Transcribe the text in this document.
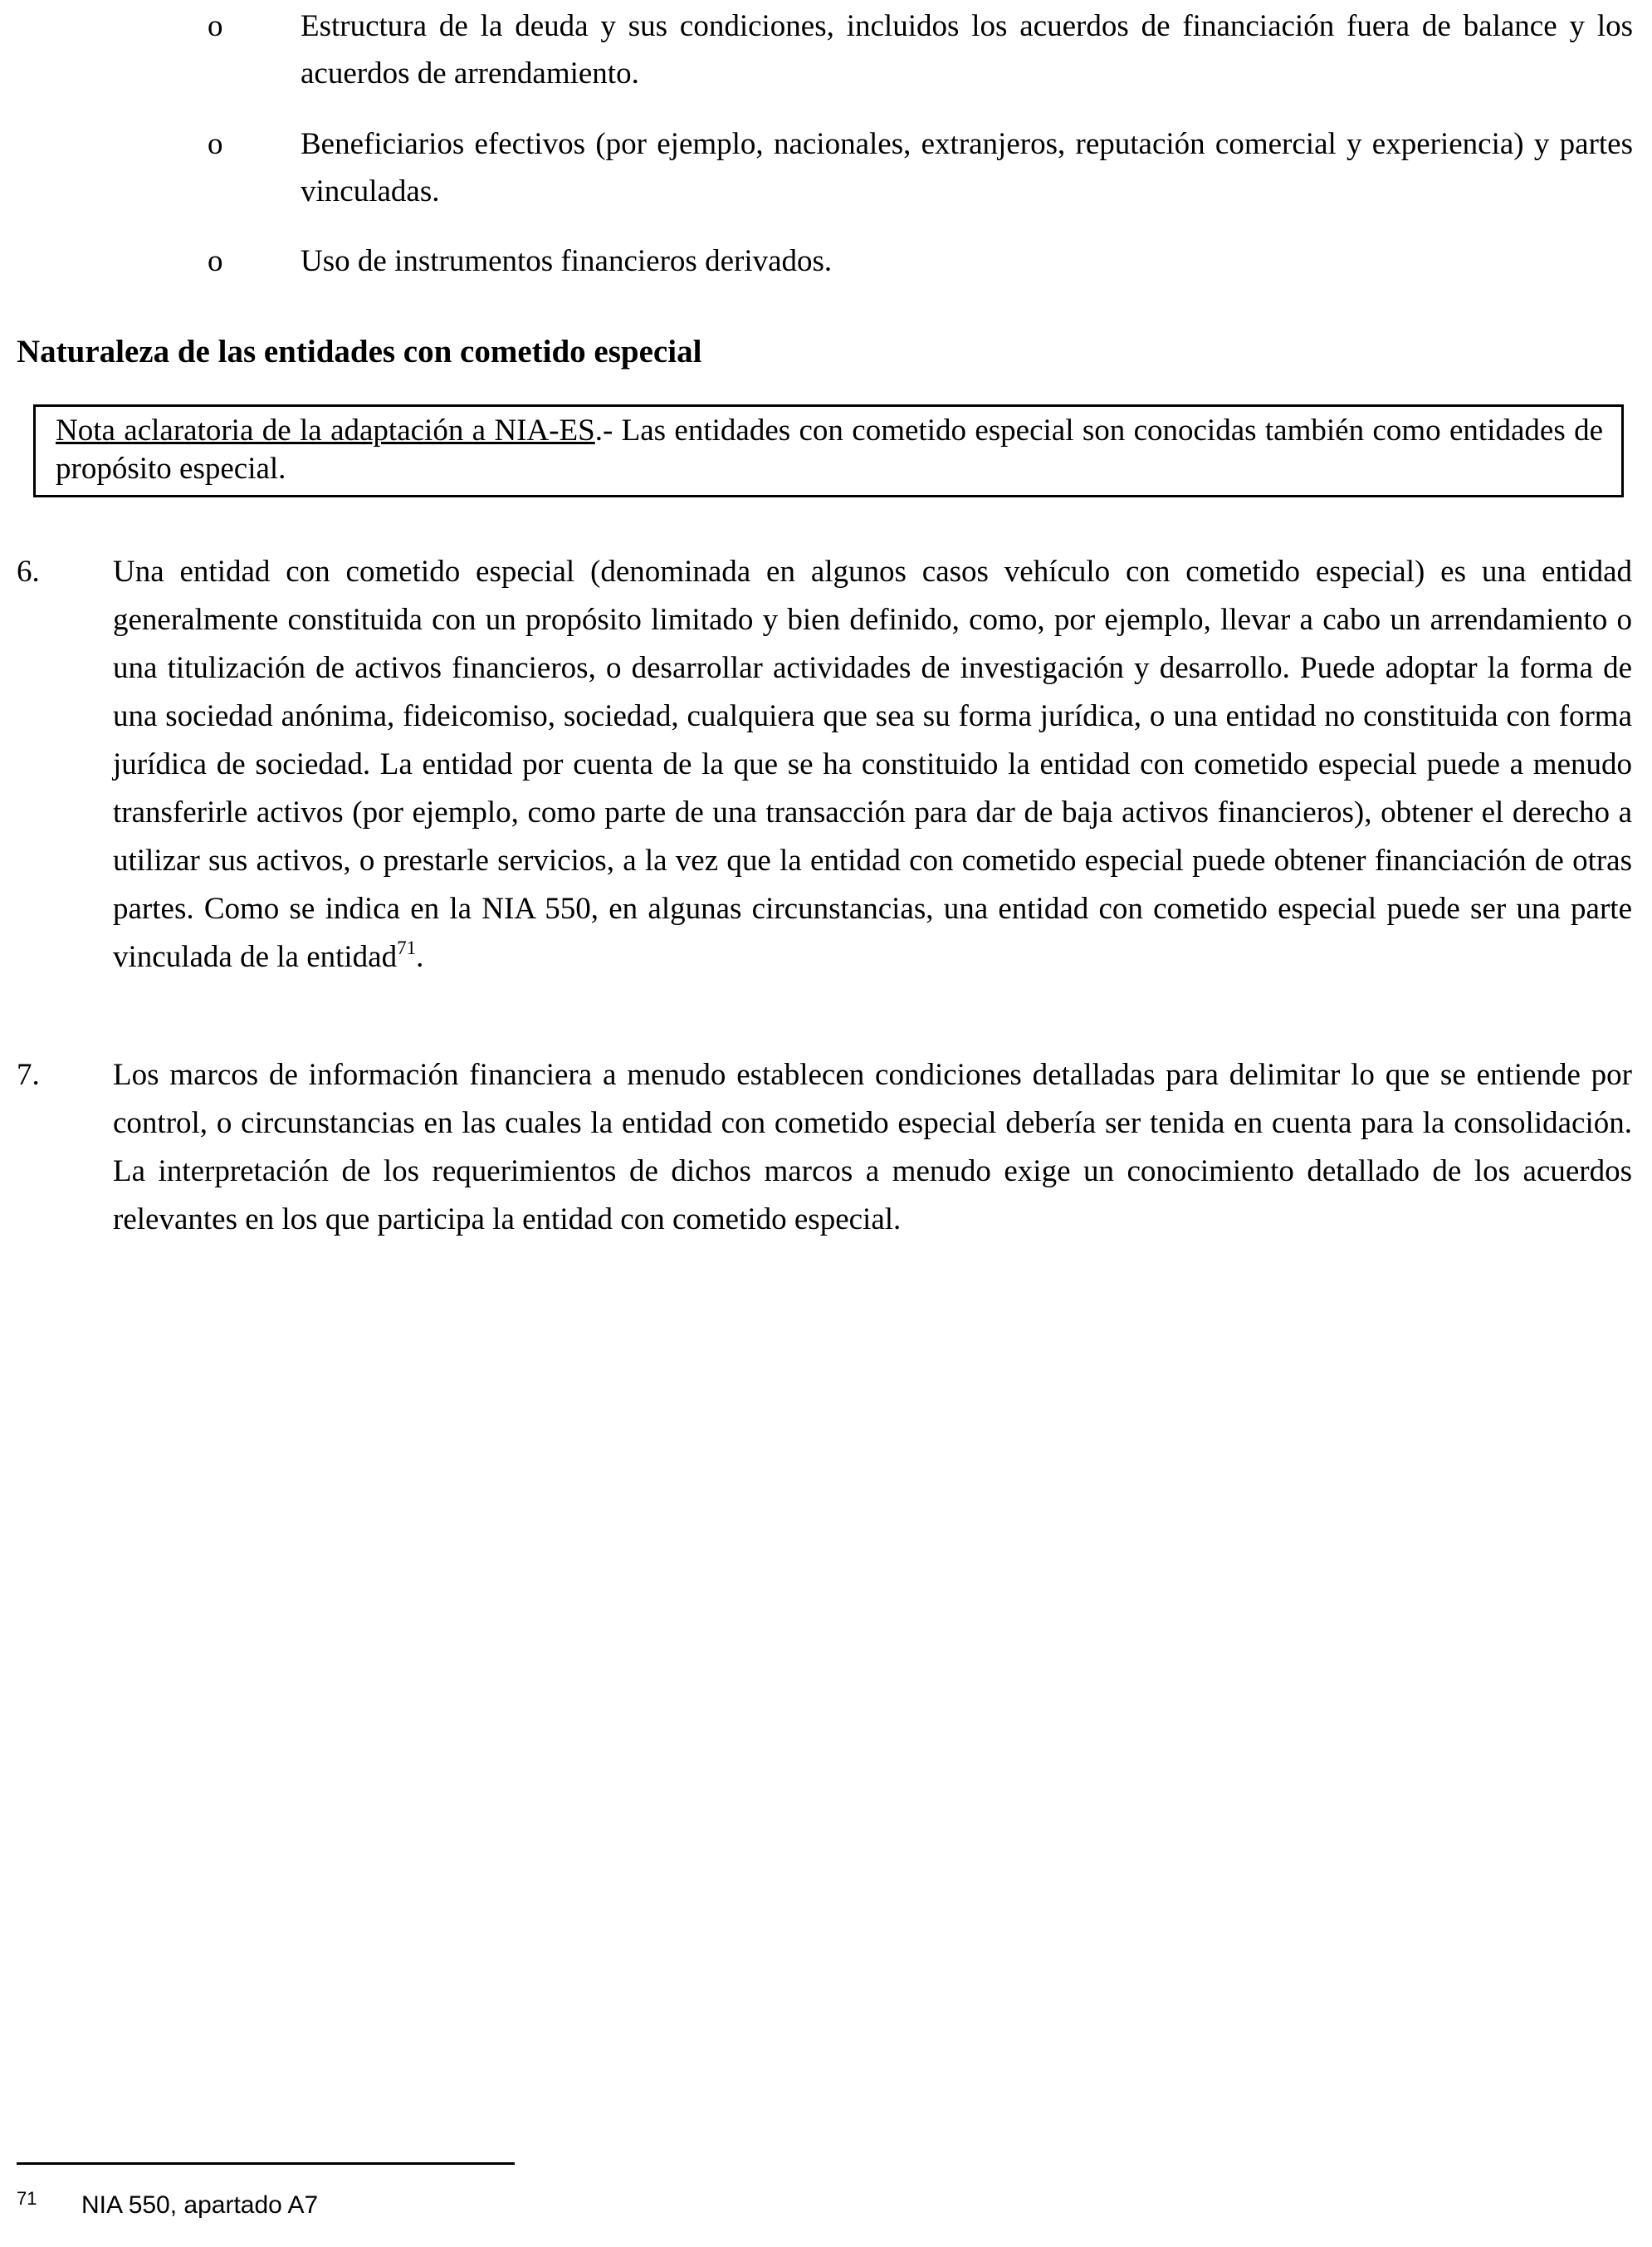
o	Estructura de la deuda y sus condiciones, incluidos los acuerdos de financiación fuera de balance y los acuerdos de arrendamiento.
o	Beneficiarios efectivos (por ejemplo, nacionales, extranjeros, reputación comercial y experiencia) y partes vinculadas.
o	Uso de instrumentos financieros derivados.
Naturaleza de las entidades con cometido especial
Nota aclaratoria de la adaptación a NIA-ES.- Las entidades con cometido especial son conocidas también como entidades de propósito especial.
6. Una entidad con cometido especial (denominada en algunos casos vehículo con cometido especial) es una entidad generalmente constituida con un propósito limitado y bien definido, como, por ejemplo, llevar a cabo un arrendamiento o una titulización de activos financieros, o desarrollar actividades de investigación y desarrollo. Puede adoptar la forma de una sociedad anónima, fideicomiso, sociedad, cualquiera que sea su forma jurídica, o una entidad no constituida con forma jurídica de sociedad. La entidad por cuenta de la que se ha constituido la entidad con cometido especial puede a menudo transferirle activos (por ejemplo, como parte de una transacción para dar de baja activos financieros), obtener el derecho a utilizar sus activos, o prestarle servicios, a la vez que la entidad con cometido especial puede obtener financiación de otras partes. Como se indica en la NIA 550, en algunas circunstancias, una entidad con cometido especial puede ser una parte vinculada de la entidad$^{71}$.
7. Los marcos de información financiera a menudo establecen condiciones detalladas para delimitar lo que se entiende por control, o circunstancias en las cuales la entidad con cometido especial debería ser tenida en cuenta para la consolidación. La interpretación de los requerimientos de dichos marcos a menudo exige un conocimiento detallado de los acuerdos relevantes en los que participa la entidad con cometido especial.
71 NIA 550, apartado A7
